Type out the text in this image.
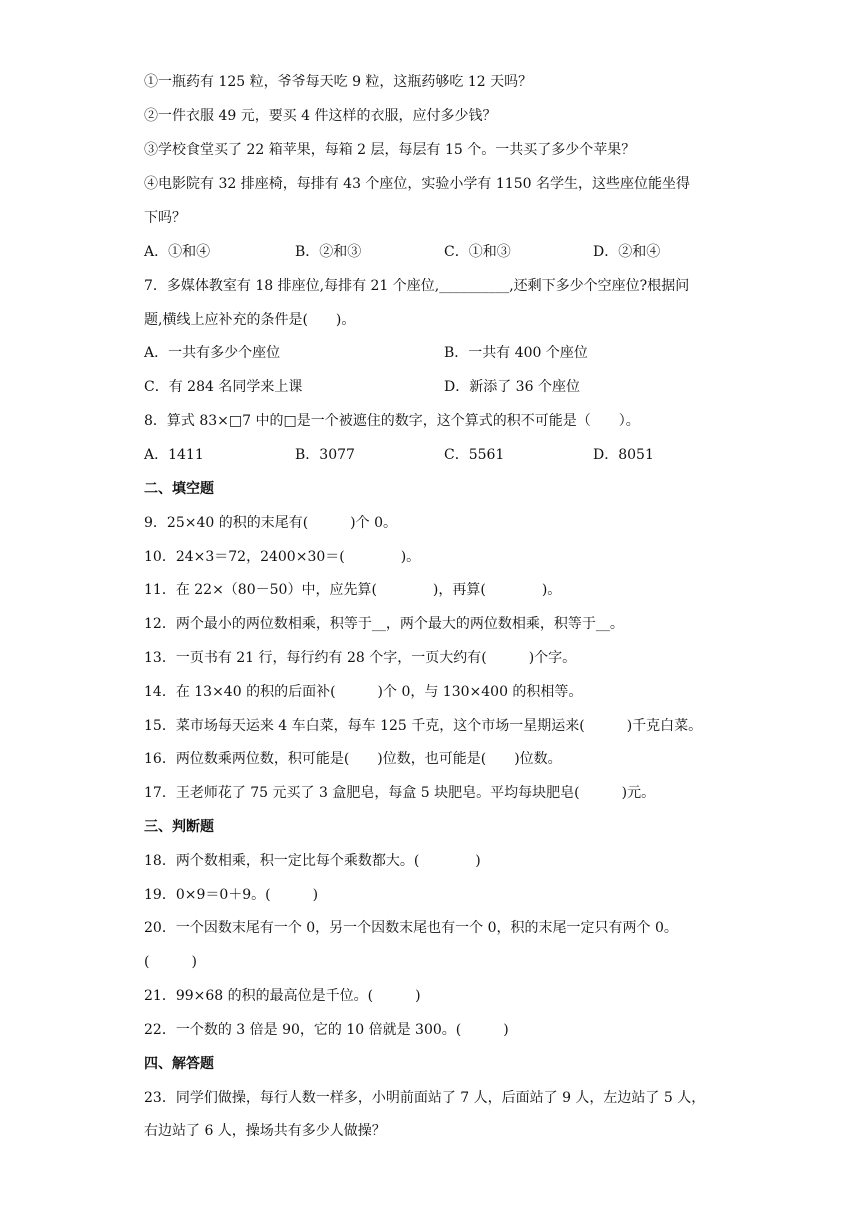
①一瓶药有 125 粒，爷爷每天吃 9 粒，这瓶药够吃 12 天吗？
②一件衣服 49 元，要买 4 件这样的衣服，应付多少钱？
③学校食堂买了 22 箱苹果，每箱 2 层，每层有 15 个。一共买了多少个苹果？
④电影院有 32 排座椅，每排有 43 个座位，实验小学有 1150 名学生，这些座位能坐得
下吗？
A．①和④	B．②和③	C．①和③	D．②和④
7．多媒体教室有 18 排座位,每排有 21 个座位,__________,还剩下多少个空座位?根据问
题,横线上应补充的条件是(　　)。
A．一共有多少个座位	B．一共有 400 个座位
C．有 284 名同学来上课	D．新添了 36 个座位
8．算式 83×□7 中的□是一个被遮住的数字，这个算式的积不可能是（　　）。
A．1411	B．3077	C．5561	D．8051
二、填空题
9．25×40 的积的末尾有(　　　)个 0。
10．24×3＝72，2400×30＝(　　　　)。
11．在 22×（80－50）中，应先算(　　　　)，再算(　　　　)。
12．两个最小的两位数相乘，积等于__，两个最大的两位数相乘，积等于__。
13．一页书有 21 行，每行约有 28 个字，一页大约有(　　　)个字。
14．在 13×40 的积的后面补(　　　)个 0，与 130×400 的积相等。
15．菜市场每天运来 4 车白菜，每车 125 千克，这个市场一星期运来(　　　)千克白菜。
16．两位数乘两位数，积可能是(　　)位数，也可能是(　　)位数。
17．王老师花了 75 元买了 3 盒肥皂，每盒 5 块肥皂。平均每块肥皂(　　　)元。
三、判断题
18．两个数相乘，积一定比每个乘数都大。(　　　　)
19．0×9＝0＋9。(　　　)
20．一个因数末尾有一个 0，另一个因数末尾也有一个 0，积的末尾一定只有两个 0。
(　　　)
21．99×68 的积的最高位是千位。(　　　)
22．一个数的 3 倍是 90，它的 10 倍就是 300。(　　　)
四、解答题
23．同学们做操，每行人数一样多，小明前面站了 7 人，后面站了 9 人，左边站了 5 人，
右边站了 6 人，操场共有多少人做操？
